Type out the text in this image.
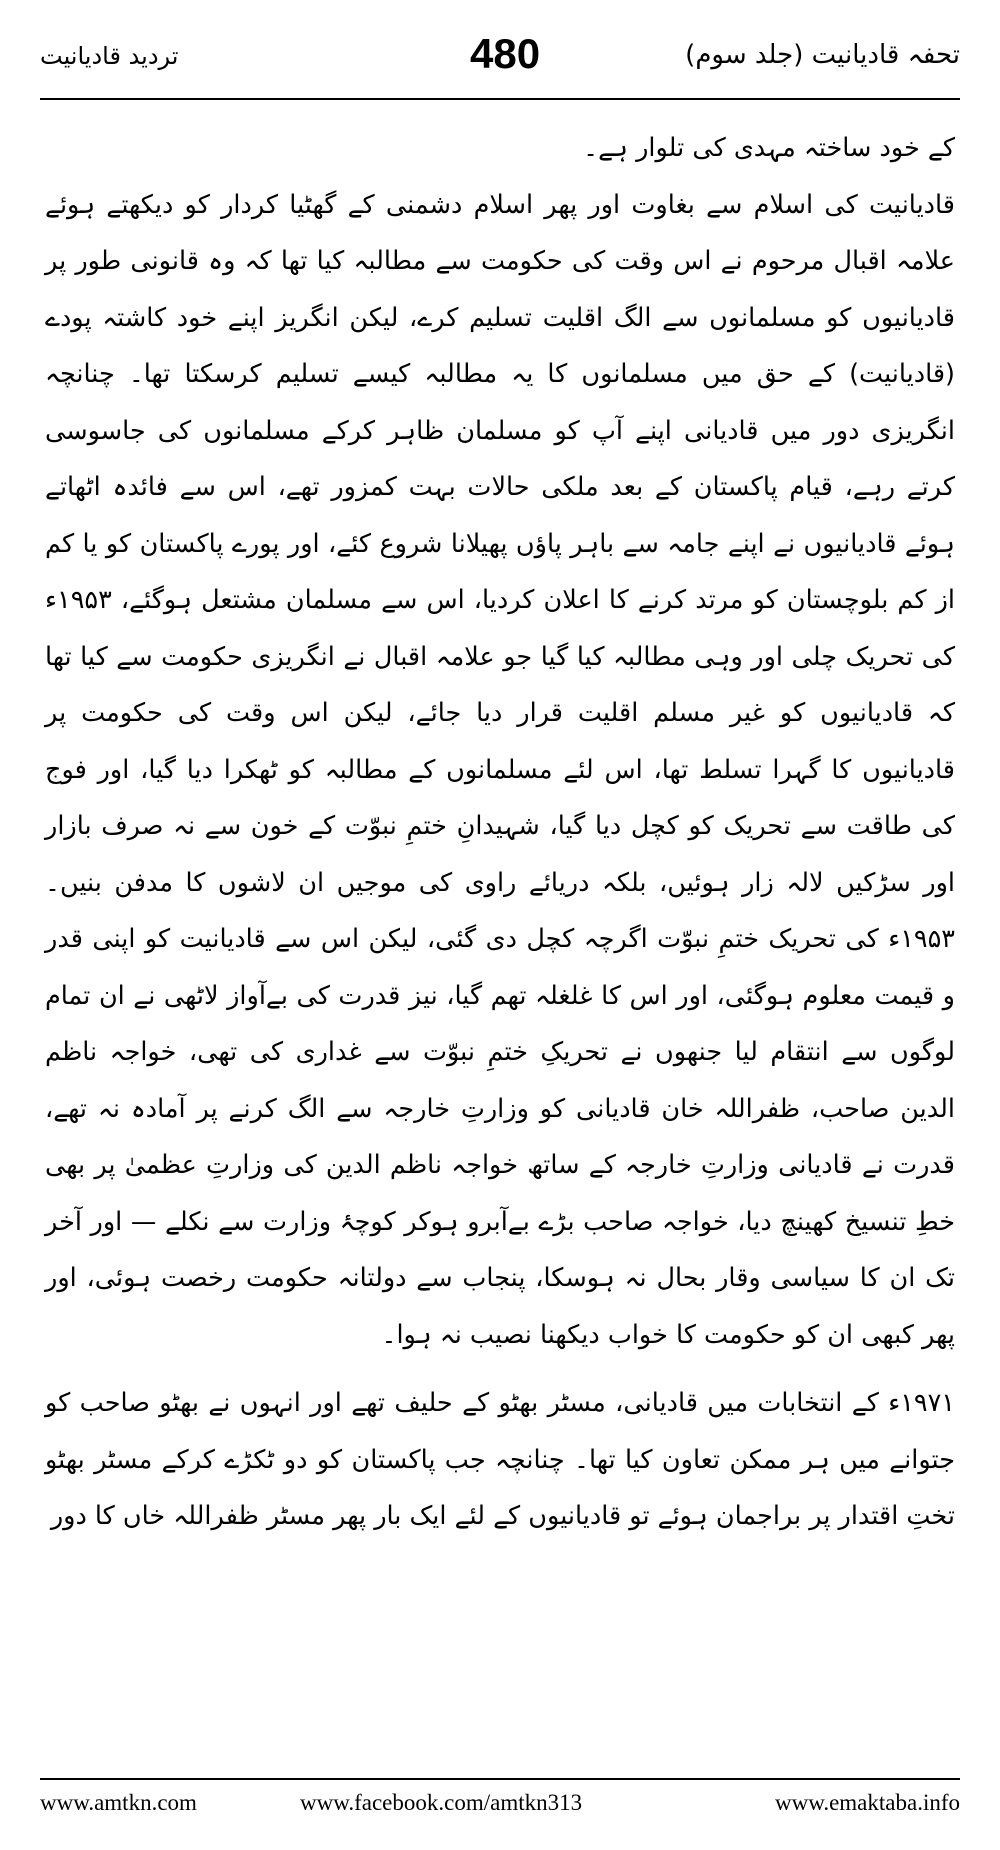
تحفہ قادیانیت (جلد سوم)
480
تردید قادیانیت

کے خود ساختہ مہدی کی تلوار ہے۔

قادیانیت کی اسلام سے بغاوت اور پھر اسلام دشمنی کے گھٹیا کردار کو دیکھتے ہوئے علامہ اقبال مرحوم نے اس وقت کی حکومت سے مطالبہ کیا تھا کہ وہ قانونی طور پر قادیانیوں کو مسلمانوں سے الگ اقلیت تسلیم کرے، لیکن انگریز اپنے خود کاشتہ پودے (قادیانیت) کے حق میں مسلمانوں کا یہ مطالبہ کیسے تسلیم کرسکتا تھا۔ چنانچہ انگریزی دور میں قادیانی اپنے آپ کو مسلمان ظاہر کرکے مسلمانوں کی جاسوسی کرتے رہے، قیام پاکستان کے بعد ملکی حالات بہت کمزور تھے، اس سے فائدہ اٹھاتے ہوئے قادیانیوں نے اپنے جامہ سے باہر پاؤں پھیلانا شروع کئے، اور پورے پاکستان کو یا کم از کم بلوچستان کو مرتد کرنے کا اعلان کردیا، اس سے مسلمان مشتعل ہوگئے، ۱۹۵۳ء کی تحریک چلی اور وہی مطالبہ کیا گیا جو علامہ اقبال نے انگریزی حکومت سے کیا تھا کہ قادیانیوں کو غیر مسلم اقلیت قرار دیا جائے، لیکن اس وقت کی حکومت پر قادیانیوں کا گہرا تسلط تھا، اس لئے مسلمانوں کے مطالبہ کو ٹھکرا دیا گیا، اور فوج کی طاقت سے تحریک کو کچل دیا گیا، شہیدانِ ختمِ نبوّت کے خون سے نہ صرف بازار اور سڑکیں لالہ زار ہوئیں، بلکہ دریائے راوی کی موجیں ان لاشوں کا مدفن بنیں۔ ۱۹۵۳ء کی تحریک ختمِ نبوّت اگرچہ کچل دی گئی، لیکن اس سے قادیانیت کو اپنی قدر و قیمت معلوم ہوگئی، اور اس کا غلغلہ تھم گیا، نیز قدرت کی بےآواز لاٹھی نے ان تمام لوگوں سے انتقام لیا جنھوں نے تحریکِ ختمِ نبوّت سے غداری کی تھی، خواجہ ناظم الدین صاحب، ظفراللہ خان قادیانی کو وزارتِ خارجہ سے الگ کرنے پر آمادہ نہ تھے، قدرت نے قادیانی وزارتِ خارجہ کے ساتھ خواجہ ناظم الدین کی وزارتِ عظمیٰ پر بھی خطِ تنسیخ کھینچ دیا، خواجہ صاحب بڑے بےآبرو ہوکر کوچۂ وزارت سے نکلے — اور آخر تک ان کا سیاسی وقار بحال نہ ہوسکا، پنجاب سے دولتانہ حکومت رخصت ہوئی، اور پھر کبھی ان کو حکومت کا خواب دیکھنا نصیب نہ ہوا۔

۱۹۷۱ء کے انتخابات میں قادیانی، مسٹر بھٹو کے حلیف تھے اور انہوں نے بھٹو صاحب کو جتوانے میں ہر ممکن تعاون کیا تھا۔ چنانچہ جب پاکستان کو دو ٹکڑے کرکے مسٹر بھٹو تختِ اقتدار پر براجمان ہوئے تو قادیانیوں کے لئے ایک بار پھر مسٹر ظفراللہ خاں کا دور

www.amtkn.com	www.facebook.com/amtkn313	www.emaktaba.info
